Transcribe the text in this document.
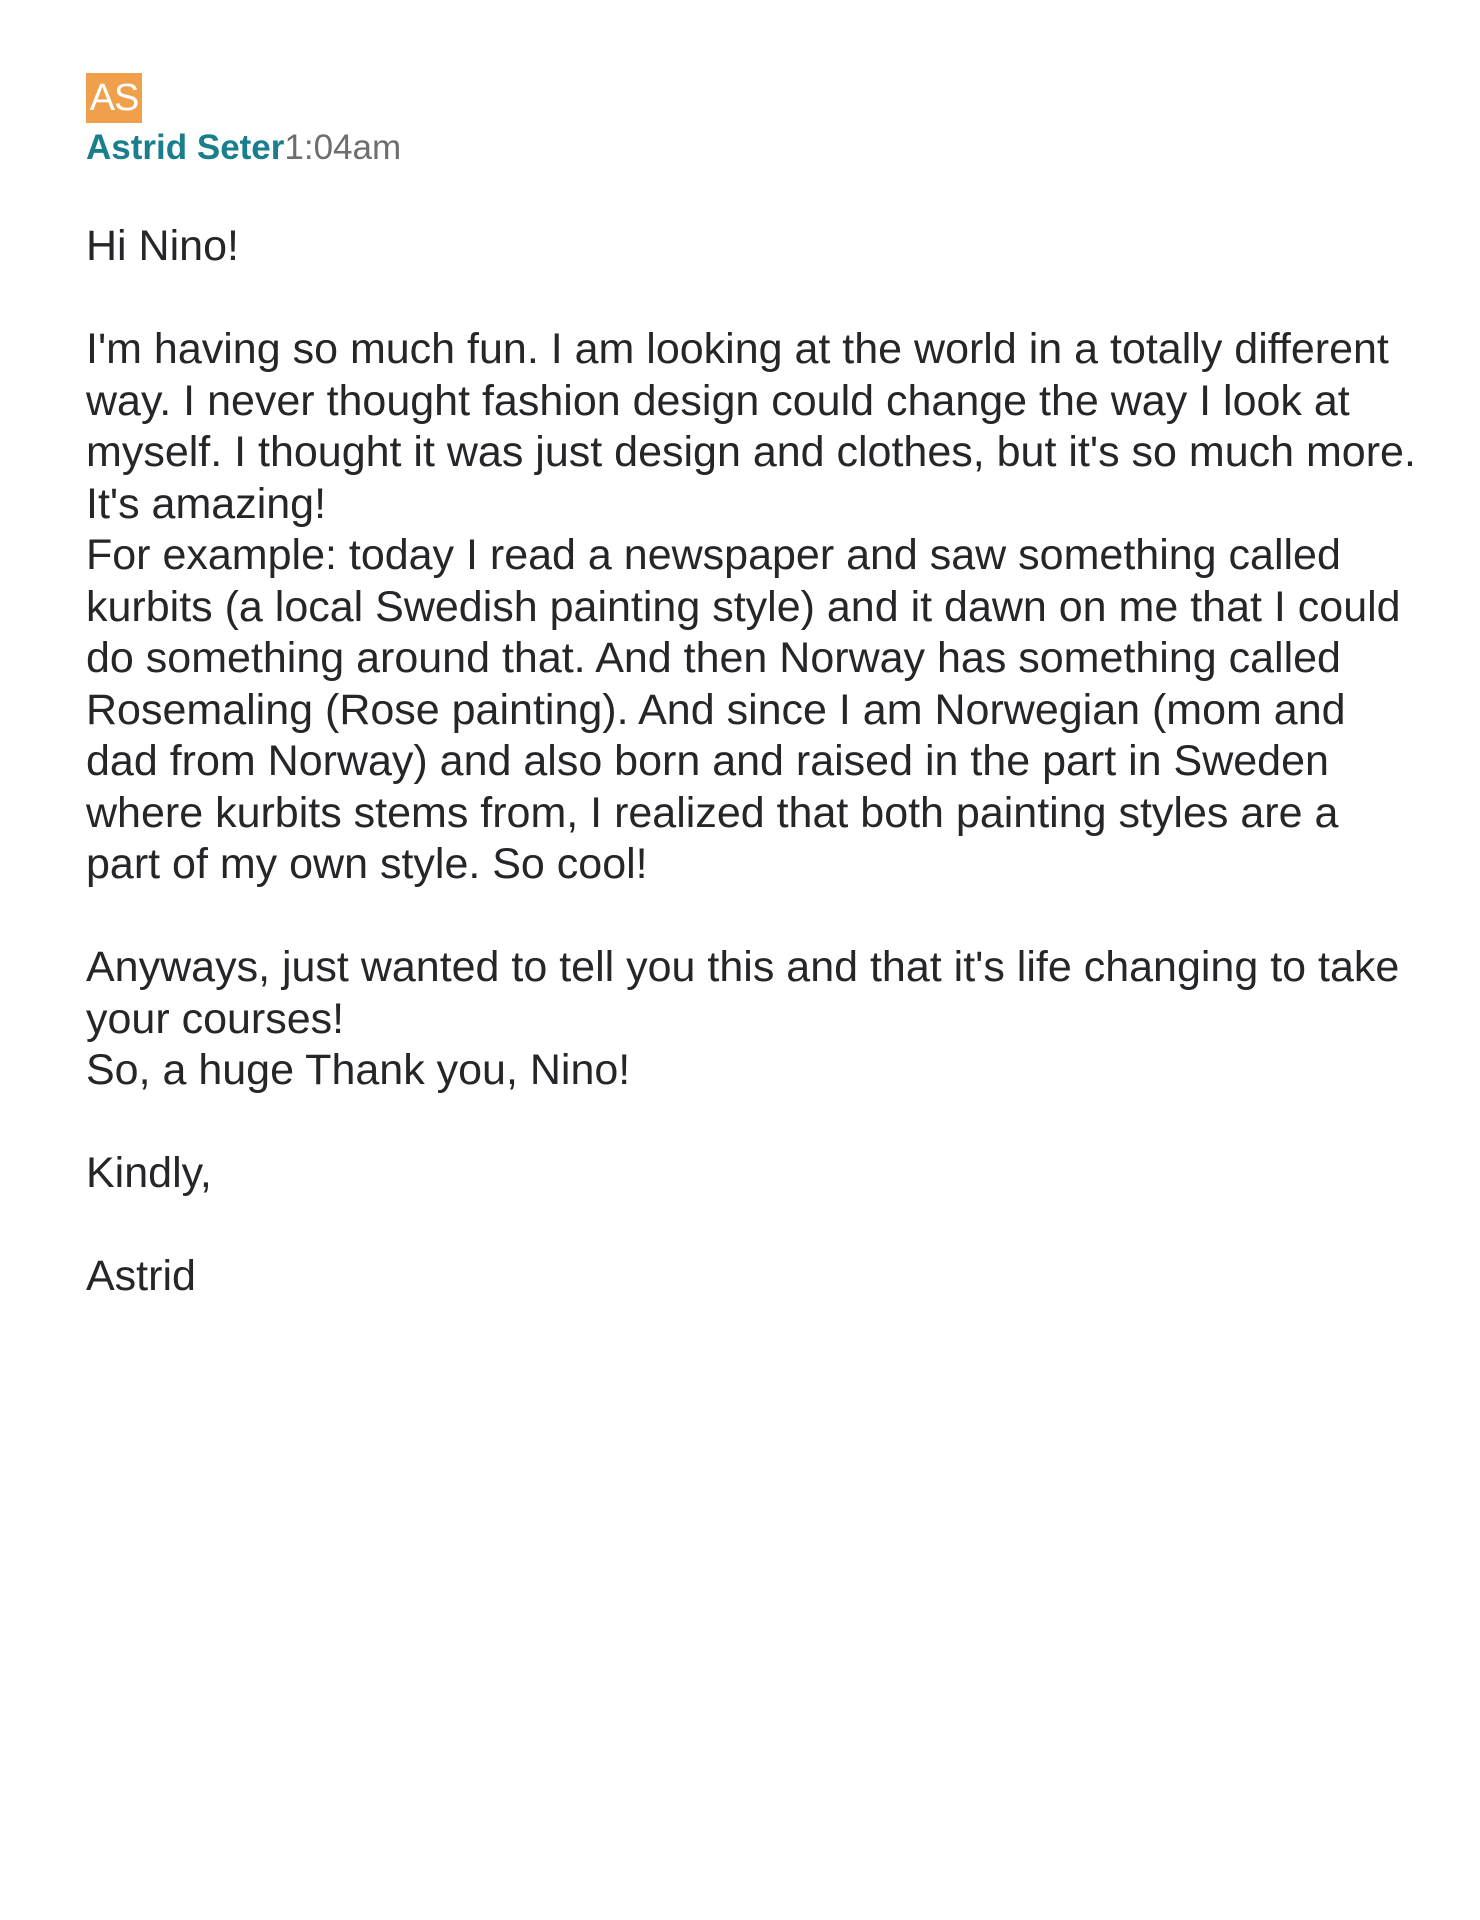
AS
Astrid Seter1:04am

Hi Nino!

I'm having so much fun. I am looking at the world in a totally different way. I never thought fashion design could change the way I look at myself. I thought it was just design and clothes, but it's so much more. It's amazing!

For example: today I read a newspaper and saw something called kurbits (a local Swedish painting style) and it dawn on me that I could do something around that. And then Norway has something called Rosemaling (Rose painting). And since I am Norwegian (mom and dad from Norway) and also born and raised in the part in Sweden where kurbits stems from, I realized that both painting styles are a part of my own style. So cool!

Anyways, just wanted to tell you this and that it's life changing to take your courses!

So, a huge Thank you, Nino!

Kindly,

Astrid
